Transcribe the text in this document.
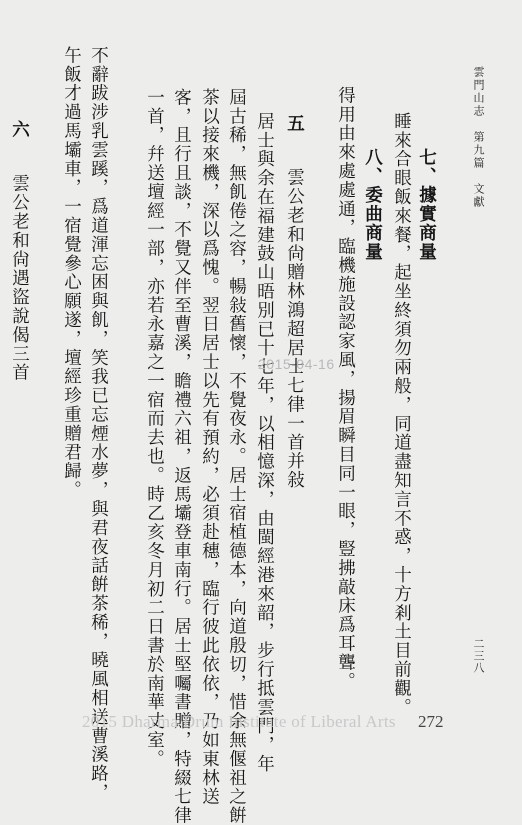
雲門山志　第九篇　文獻
二三八
七、據實商量
睡來合眼飯來餐，起坐終須勿兩般，同道盡知言不惑，十方剎土目前觀。
八、委曲商量
得用由來處處通，臨機施設認家風，揚眉瞬目同一眼，豎拂敲床爲耳聾。
五 雲公老和尙贈林鴻超居士七律一首并敍
居士與余在福建鼓山晤別已十七年，以相憶深，由閩經港來韶，步行抵雲門，年
屆古稀，無飢倦之容，暢敍舊懷，不覺夜永。居士宿植德本，向道殷切，惜余無偃祖之餠
茶以接來機，深以爲愧。翌日居士以先有預約，必須赴穗，臨行彼此依依，乃如東林送
客，且行且談，不覺又伴至曹溪，瞻禮六祖，返馬壩登車南行。居士堅囑書贈，特綴七律
一首，幷送壇經一部，亦若永嘉之一宿而去也。時乙亥冬月初二日書於南華丈室。
不辭跋涉乳雲蹊，爲道渾忘困與飢，笑我已忘煙水夢，與君夜話餠茶稀，曉風相送曹溪路，
午飯才過馬壩車，一宿覺參心願遂，壇經珍重贈君歸。
六 雲公老和尙遇盜說偈三首	2015-04-16
2015 Dharma Drum Institute of Liberal Arts 272
